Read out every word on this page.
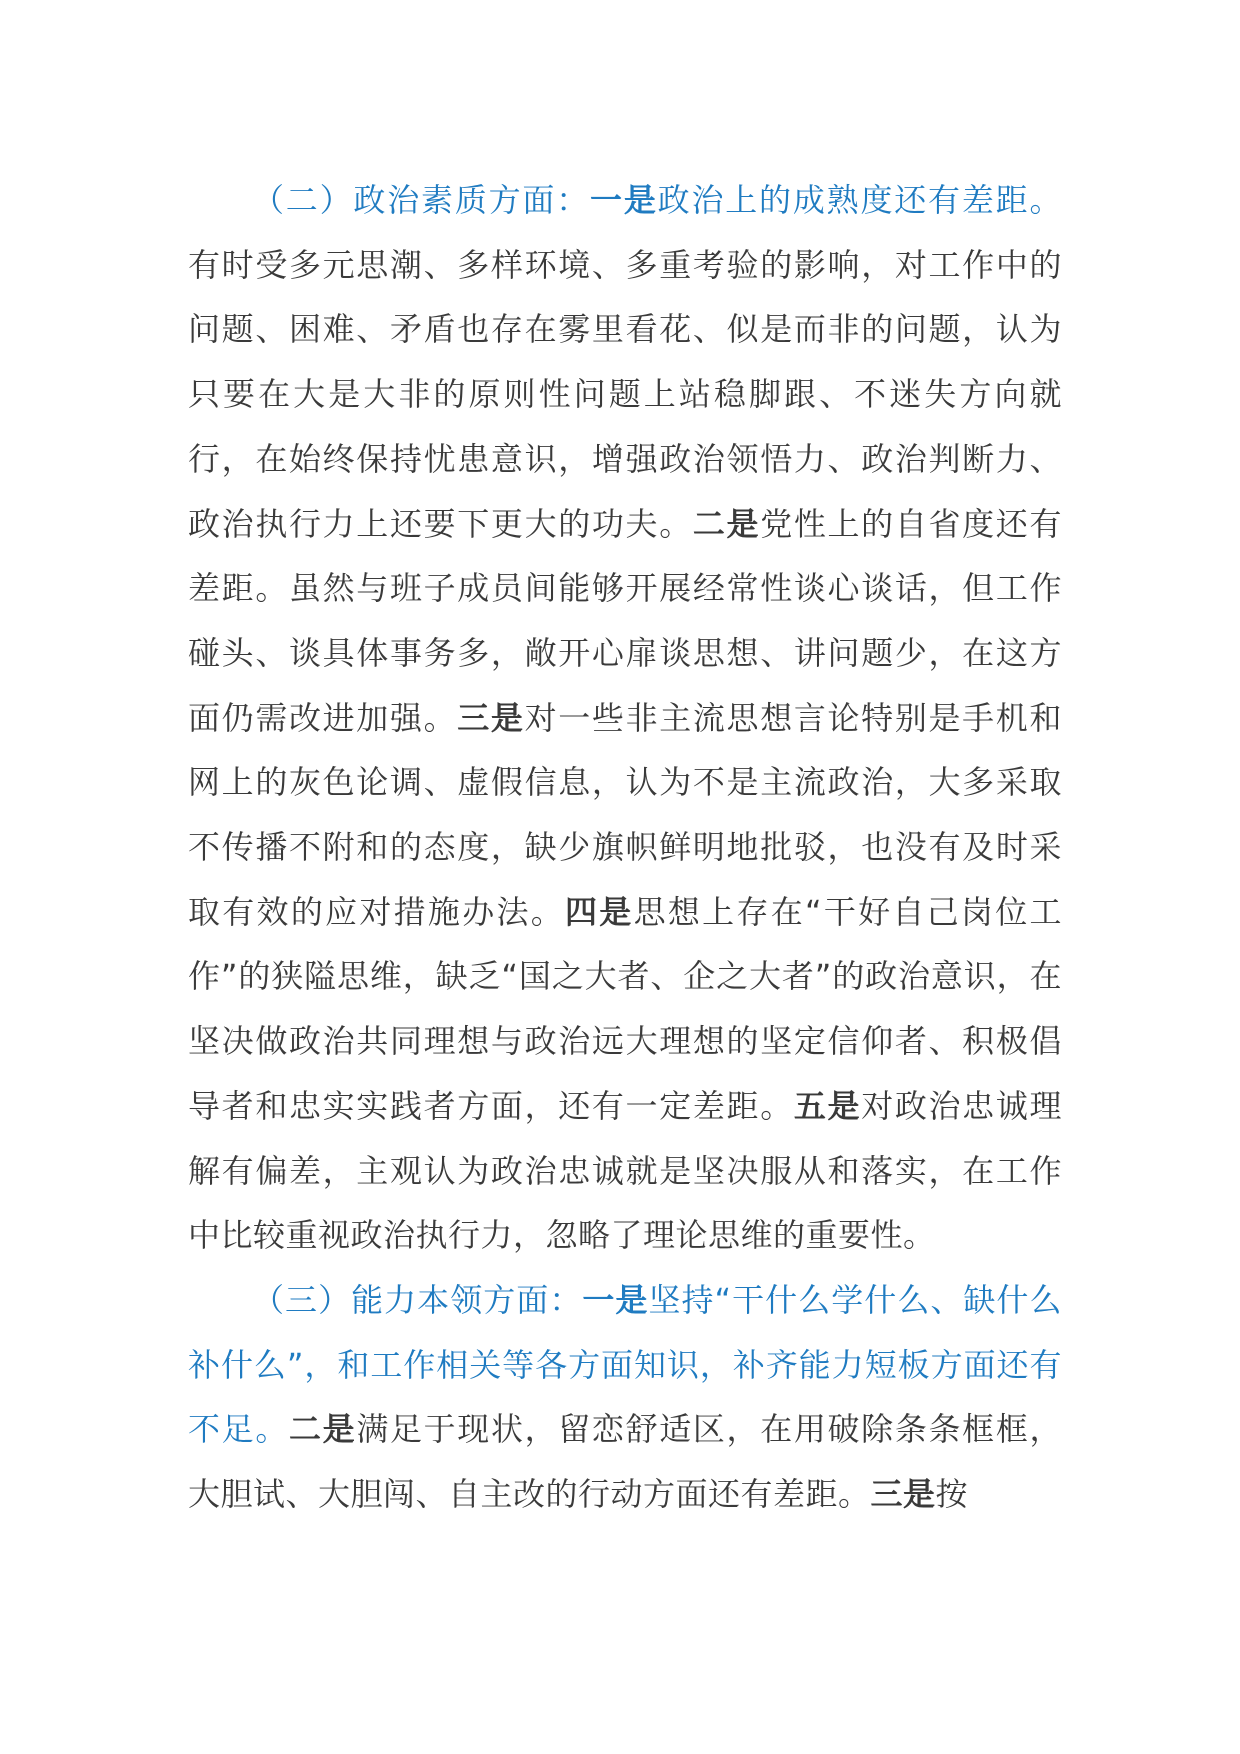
（二）政治素质方面：一是政治上的成熟度还有差距。有时受多元思潮、多样环境、多重考验的影响，对工作中的问题、困难、矛盾也存在雾里看花、似是而非的问题，认为只要在大是大非的原则性问题上站稳脚跟、不迷失方向就行，在始终保持忧患意识，增强政治领悟力、政治判断力、政治执行力上还要下更大的功夫。二是党性上的自省度还有差距。虽然与班子成员间能够开展经常性谈心谈话，但工作碰头、谈具体事务多，敞开心扉谈思想、讲问题少，在这方面仍需改进加强。三是对一些非主流思想言论特别是手机和网上的灰色论调、虚假信息，认为不是主流政治，大多采取不传播不附和的态度，缺少旗帜鲜明地批驳，也没有及时采取有效的应对措施办法。四是思想上存在“干好自己岗位工作”的狭隘思维，缺乏“国之大者、企之大者”的政治意识，在坚决做政治共同理想与政治远大理想的坚定信仰者、积极倡导者和忠实实践者方面，还有一定差距。五是对政治忠诚理解有偏差，主观认为政治忠诚就是坚决服从和落实，在工作中比较重视政治执行力，忽略了理论思维的重要性。

（三）能力本领方面：一是坚持“干什么学什么、缺什么补什么”，和工作相关等各方面知识，补齐能力短板方面还有不足。二是满足于现状，留恋舒适区，在用破除条条框框，大胆试、大胆闯、自主改的行动方面还有差距。三是按
